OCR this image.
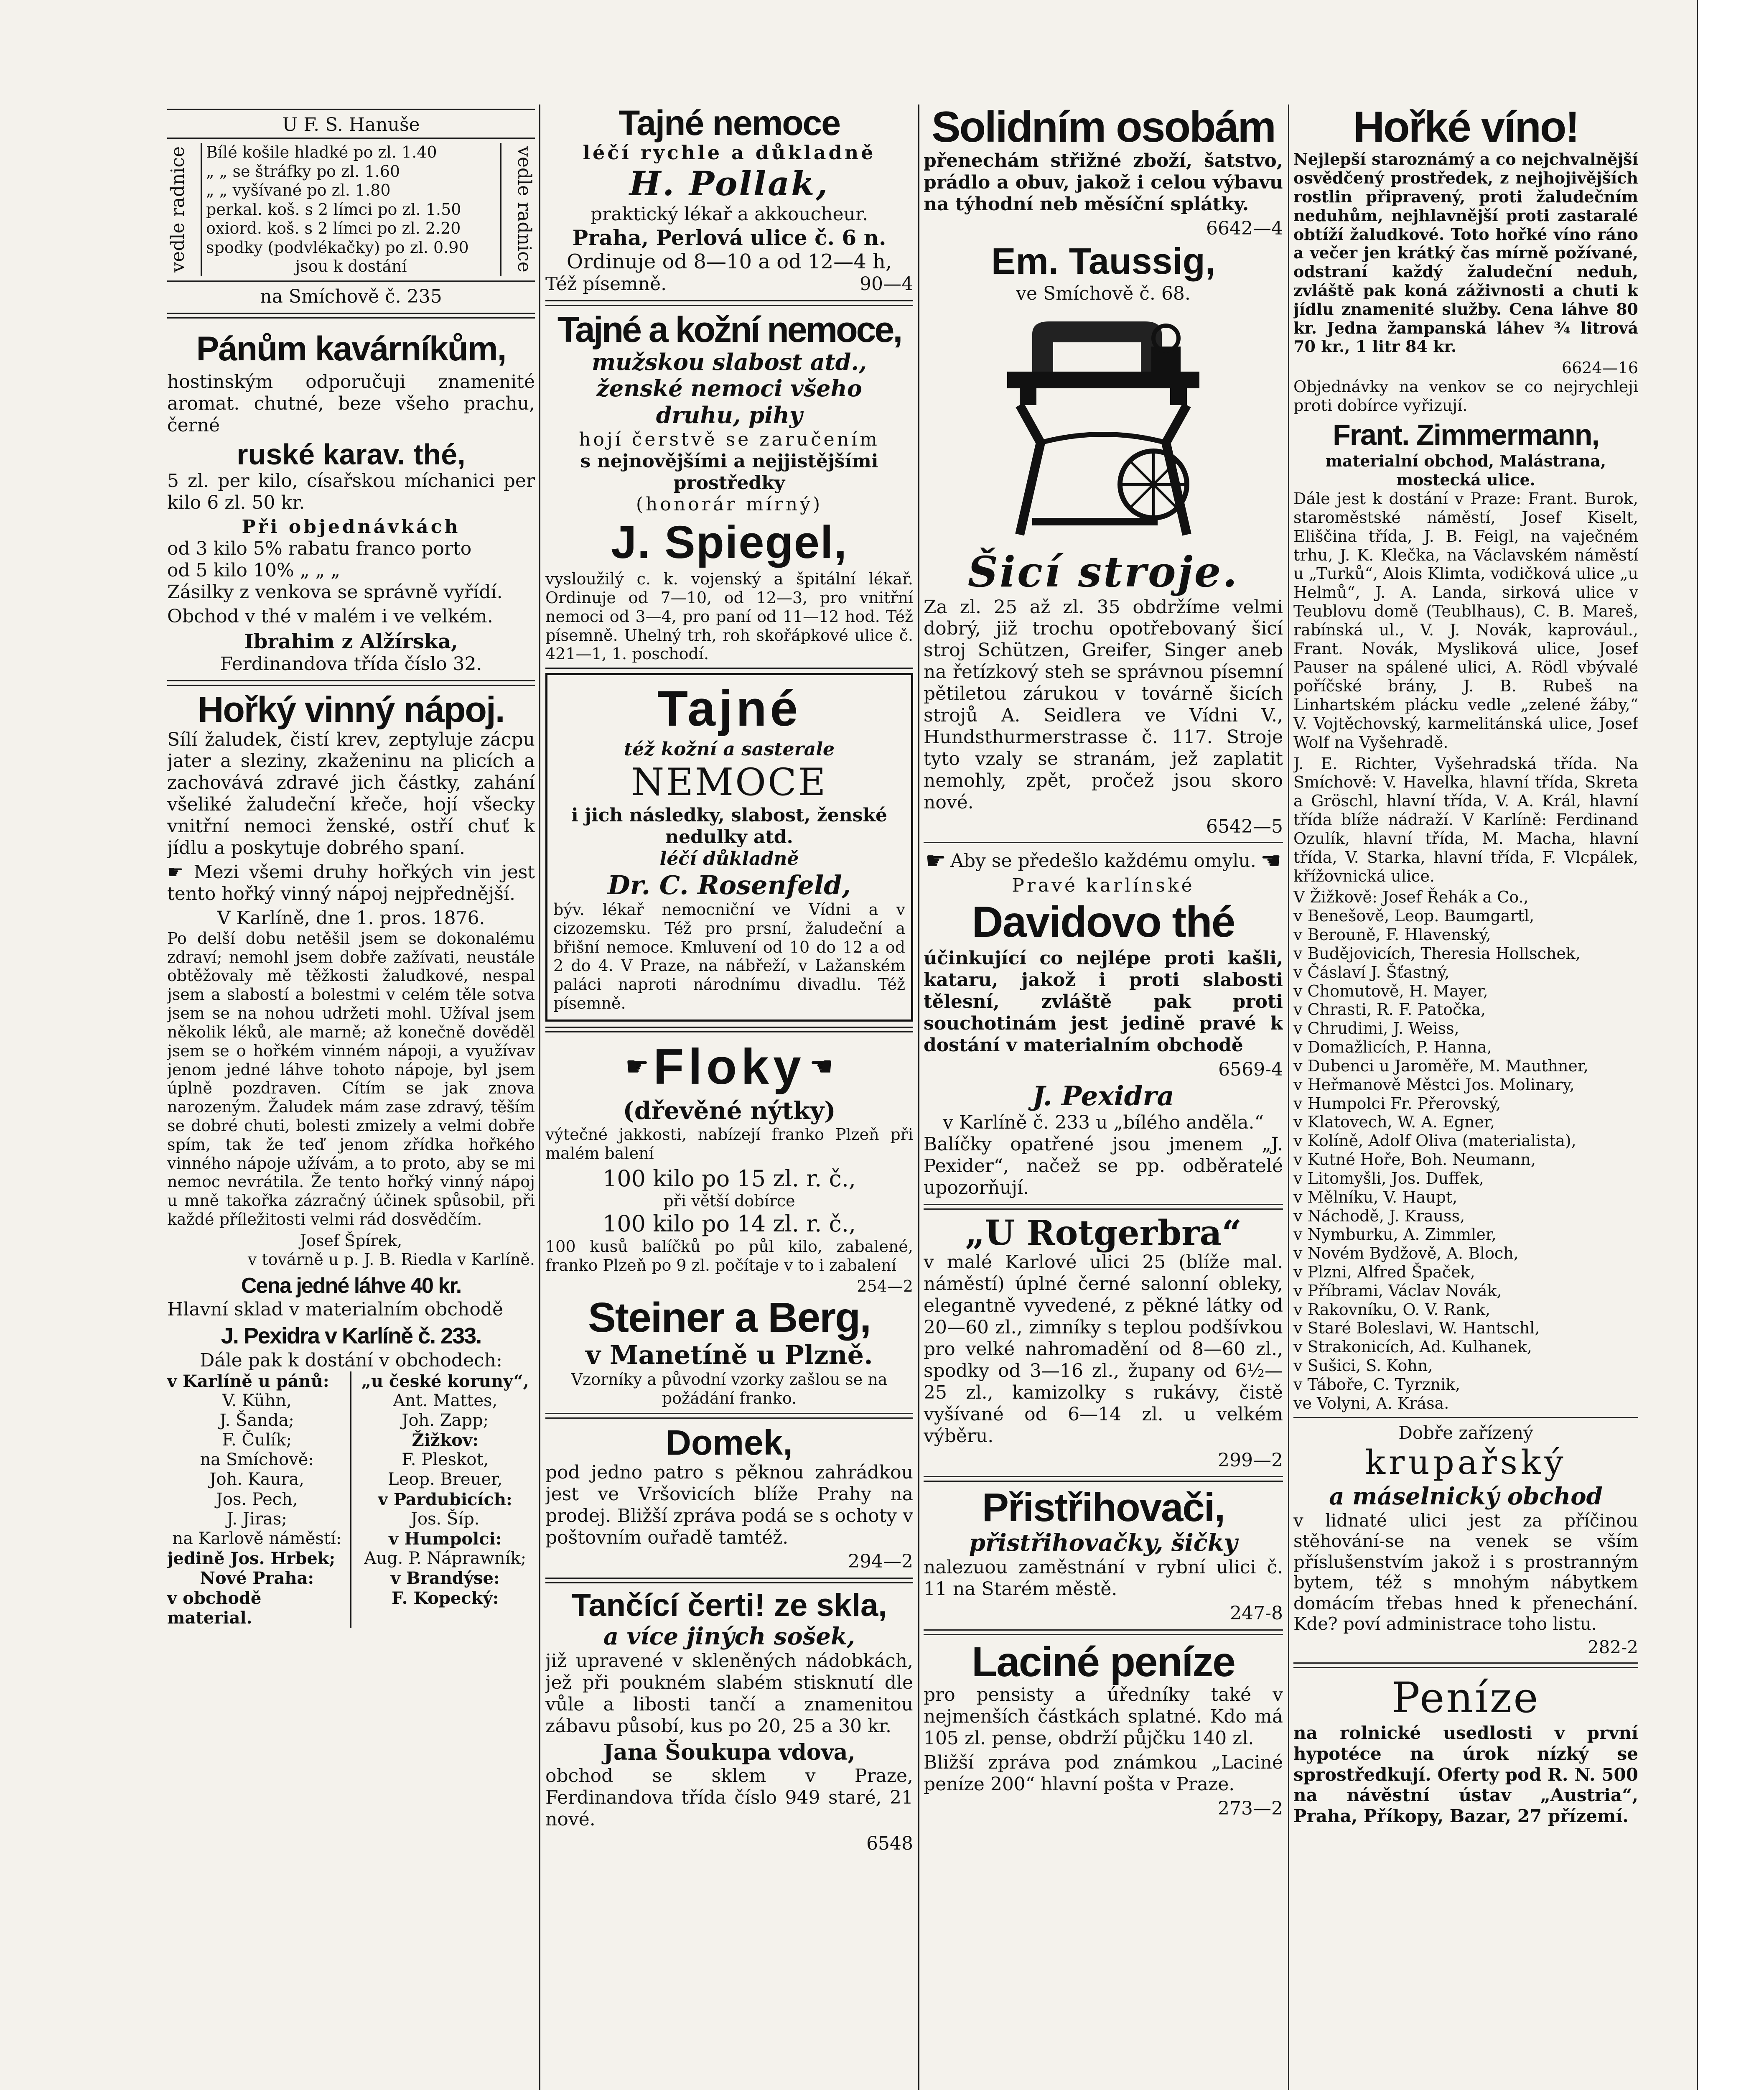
U F. S. Hanuše
vedle radnice	vedle radnice
Bílé košile hladké po zl. 1.40
„ „ se štráfky po zl. 1.60
„ „ vyšívané po zl. 1.80
perkal. koš. s 2 límci po zl. 1.50
oxiord. koš. s 2 límci po zl. 2.20
spodky (podvlékačky) po zl. 0.90
jsou k dostání
na Smíchově č. 235
Pánům kavárníkům,

hostinským odporučuji znamenité aromat. chutné, beze všeho prachu, černé

ruské karav. thé,

5 zl. per kilo, císařskou míchanici per kilo 6 zl. 50 kr.

Při objednávkách
od 3 kilo 5% rabatu franco porto
od 5 kilo 10% „ „ „

Zásilky z venkova se správně vyřídí.

Obchod v thé v malém i ve velkém.

Ibrahim z Alžírska,
Ferdinandova třída číslo 32.
Hořký vinný nápoj.

Sílí žaludek, čistí krev, zeptyluje zácpu jater a sleziny, zkaženinu na plicích a zachovává zdravé jich částky, zahání všeliké žaludeční křeče, hojí všecky vnitřní nemoci ženské, ostří chuť k jídlu a poskytuje dobrého spaní.

☛ Mezi všemi druhy hořkých vin jest tento hořký vinný nápoj nejpřednější.

V Karlíně, dne 1. pros. 1876.

Po delší dobu netěšil jsem se dokonalému zdraví; nemohl jsem dobře zažívati, neustále obtěžovaly mě těžkosti žaludkové, nespal jsem a slabostí a bolestmi v celém těle sotva jsem se na nohou udržeti mohl. Užíval jsem několik léků, ale marně; až konečně dověděl jsem se o hořkém vinném nápoji, a využívav jenom jedné láhve tohoto nápoje, byl jsem úplně pozdraven. Cítím se jak znova narozeným. Žaludek mám zase zdravý, těším se dobré chuti, bolesti zmizely a velmi dobře spím, tak že teď jenom zřídka hořkého vinného nápoje užívám, a to proto, aby se mi nemoc nevrátila. Že tento hořký vinný nápoj u mně takořka zázračný účinek spůsobil, při každé příležitosti velmi rád dosvědčím.

Josef Špírek,
v továrně u p. J. B. Riedla v Karlíně.
Cena jedné láhve 40 kr.

Hlavní sklad v materialním obchodě

J. Pexidra v Karlíně č. 233.
Dále pak k dostání v obchodech:
v Karlíně u pánů:
V. Kühn,
J. Šanda;
F. Čulík;
na Smíchově:
Joh. Kaura,
Jos. Pech,
J. Jiras;
na Karlově náměstí:
jedině Jos. Hrbek;
Nové Praha:
v obchodě material.
„u české koruny“,
Ant. Mattes,
Joh. Zapp;
Žižkov:
F. Pleskot,
Leop. Breuer,
v Pardubicích:
Jos. Šíp.
v Humpolci:
Aug. P. Náprawník;
v Brandýse:
F. Kopecký:
Tajné nemoce
léčí rychle a důkladně
H. Pollak,
praktický lékař a akkoucheur.
Praha, Perlová ulice č. 6 n.
Ordinuje od 8—10 a od 12—4 h,
Též písemně.	90—4
Tajné a kožní nemoce,
mužskou slabost atd.,
ženské nemoci všeho
druhu, pihy
hojí čerstvě se zaručením
s nejnovějšími a nejjistějšími prostředky
(honorár mírný)
J. Spiegel,

vysloužilý c. k. vojenský a špitální lékař. Ordinuje od 7—10, od 12—3, pro vnitřní nemoci od 3—4, pro paní od 11—12 hod. Též písemně. Uhelný trh, roh skořápkové ulice č. 421—1, 1. poschodí.

Tajné
též kožní a sasterale
NEMOCE
i jich následky, slabost, ženské nedulky atd.
léčí důkladně
Dr. C. Rosenfeld,

býv. lékař nemocniční ve Vídni a v cizozemsku. Též pro prsní, žaludeční a břišní nemoce. Kmluvení od 10 do 12 a od 2 do 4. V Praze, na nábřeží, v Lažanském paláci naproti národnímu divadlu. Též písemně.

☛ Floky ☚
(dřevěné nýtky)

výtečné jakkosti, nabízejí franko Plzeň při malém balení

100 kilo po 15 zl. r. č.,
při větší dobírce
100 kilo po 14 zl. r. č.,

100 kusů balíčků po půl kilo, zabalené, franko Plzeň po 9 zl. počítaje v to i zabalení

254—2
Steiner a Berg,
v Manetíně u Plzně.
Vzorníky a původní vzorky zašlou se na požádání franko.
Domek,

pod jedno patro s pěknou zahrádkou jest ve Vršovicích blíže Prahy na prodej. Bližší zpráva podá se s ochoty v poštovním ouřadě tamtéž.

294—2
Tančící čerti! ze skla,
a více jiných sošek,

již upravené v skleněných nádobkách, jež při poukném slabém stisknutí dle vůle a libosti tančí a znamenitou zábavu působí, kus po 20, 25 a 30 kr.

Jana Šoukupa vdova,

obchod se sklem v Praze, Ferdinandova třída číslo 949 staré, 21 nové.

6548
Solidním osobám

přenechám střižné zboží, šatstvo, prádlo a obuv, jakož i celou výbavu na týhodní neb měsíční splátky.

6642—4
Em. Taussig,
ve Smíchově č. 68.
Šicí stroje.

Za zl. 25 až zl. 35 obdržíme velmi dobrý, již trochu opotřebovaný šicí stroj Schützen, Greifer, Singer aneb na řetízkový steh se správnou písemní pětiletou zárukou v továrně šicích strojů A. Seidlera ve Vídni V., Hundsthurmerstrasse č. 117. Stroje tyto vzaly se stranám, jež zaplatit nemohly, zpět, pročež jsou skoro nové.

6542—5
☛ Aby se předešlo každému omylu. ☚
Pravé karlínské
Davidovo thé

účinkující co nejlépe proti kašli, kataru, jakož i proti slabosti tělesní, zvláště pak proti souchotinám jest jedině pravé k dostání v materialním obchodě

6569-4
J. Pexidra
v Karlíně č. 233 u „bílého anděla.“

Balíčky opatřené jsou jmenem „J. Pexider“, načež se pp. odběratelé upozorňují.

„U Rotgerbra“

v malé Karlové ulici 25 (blíže mal. náměstí) úplné černé salonní obleky, elegantně vyvedené, z pěkné látky od 20—60 zl., zimníky s teplou podšívkou pro velké nahromadění od 8—60 zl., spodky od 3—16 zl., župany od 6½—25 zl., kamizolky s rukávy, čistě vyšívané od 6—14 zl. u velkém výběru.

299—2
Přistřihovači,
přistřihovačky, šičky

nalezuou zaměstnání v rybní ulici č. 11 na Starém městě.

247-8
Laciné peníze

pro pensisty a úředníky také v nejmenších částkách splatné. Kdo má 105 zl. pense, obdrží půjčku 140 zl.

Bližší zpráva pod známkou „Laciné peníze 200“ hlavní pošta v Praze.

273—2
Hořké víno!

Nejlepší staroznámý a co nejchvalnější osvědčený prostředek, z nejhojivějších rostlin připravený, proti žaludečním neduhům, nejhlavnější proti zastaralé obtíží žaludkové. Toto hořké víno ráno a večer jen krátký čas mírně požívané, odstraní každý žaludeční neduh, zvláště pak koná záživnosti a chuti k jídlu znamenité služby. Cena láhve 80 kr. Jedna žampanská láhev ¾ litrová 70 kr., 1 litr 84 kr.

6624—16

Objednávky na venkov se co nejrychleji proti dobírce vyřizují.

Frant. Zimmermann,
materialní obchod, Malástrana, mostecká ulice.

Dále jest k dostání v Praze: Frant. Burok, staroměstské náměstí, Josef Kiselt, Eliščina třída, J. B. Feigl, na vaječném trhu, J. K. Klečka, na Václavském náměstí u „Turků“, Alois Klimta, vodičková ulice „u Helmů“, J. A. Landa, sirková ulice v Teublovu domě (Teublhaus), C. B. Mareš, rabínská ul., V. J. Novák, kaprovául., Frant. Novák, Mysliková ulice, Josef Pauser na spálené ulici, A. Rödl vbývalé poříčské brány, J. B. Rubeš na Linhartském plácku vedle „zelené žáby,“ V. Vojtěchovský, karmelitánská ulice, Josef Wolf na Vyšehradě.

J. E. Richter, Vyšehradská třída. Na Smíchově: V. Havelka, hlavní třída, Skreta a Gröschl, hlavní třída, V. A. Král, hlavní třída blíže nádraží. V Karlíně: Ferdinand Ozulík, hlavní třída, M. Macha, hlavní třída, V. Starka, hlavní třída, F. Vlcpálek, křížovnická ulice.

V Žižkově: Josef Řehák a Co.,
v Benešově, Leop. Baumgartl,
v Berouně, F. Hlavenský,
v Budějovicích, Theresia Hollschek,
v Čáslaví J. Šťastný,
v Chomutově, H. Mayer,
v Chrasti, R. F. Patočka,
v Chrudimi, J. Weiss,
v Domažlicích, P. Hanna,
v Dubenci u Jaroměře, M. Mauthner,
v Heřmanově Městci Jos. Molinary,
v Humpolci Fr. Přerovský,
v Klatovech, W. A. Egner,
v Kolíně, Adolf Oliva (materialista),
v Kutné Hoře, Boh. Neumann,
v Litomyšli, Jos. Duffek,
v Mělníku, V. Haupt,
v Náchodě, J. Krauss,
v Nymburku, A. Zimmler,
v Novém Bydžově, A. Bloch,
v Plzni, Alfred Špaček,
v Příbrami, Václav Novák,
v Rakovníku, O. V. Rank,
v Staré Boleslavi, W. Hantschl,
v Strakonicích, Ad. Kulhanek,
v Sušici, S. Kohn,
v Táboře, C. Tyrznik,
ve Volyni, A. Krása.
Dobře zařízený
krupařský
a máselnický obchod

v lidnaté ulici jest za příčinou stěhování-se na venek se vším příslušenstvím jakož i s prostranným bytem, též s mnohým nábytkem domácím třebas hned k přenechání. Kde? poví administrace toho listu.

282-2
Peníze

na rolnické usedlosti v první hypotéce na úrok nízký se sprostředkují. Oferty pod R. N. 500 na návěstní ústav „Austria“, Praha, Příkopy, Bazar, 27 přízemí.
